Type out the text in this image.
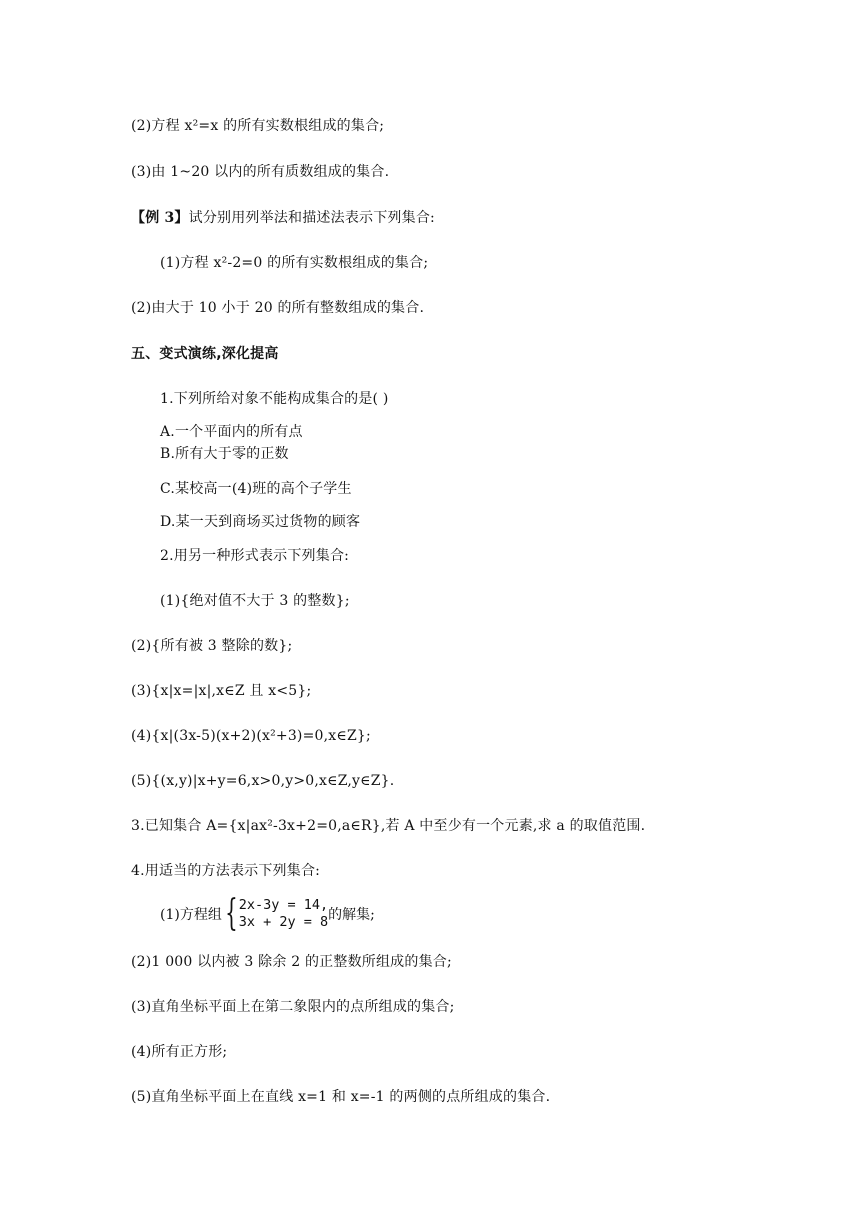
(2)方程 x²=x 的所有实数根组成的集合;
(3)由 1~20 以内的所有质数组成的集合.
【例 3】试分别用列举法和描述法表示下列集合:
(1)方程 x²-2=0 的所有实数根组成的集合;
(2)由大于 10 小于 20 的所有整数组成的集合.
五、变式演练,深化提高
1.下列所给对象不能构成集合的是( )
A.一个平面内的所有点
B.所有大于零的正数
C.某校高一(4)班的高个子学生
D.某一天到商场买过货物的顾客
2.用另一种形式表示下列集合:
(1){绝对值不大于 3 的整数};
(2){所有被 3 整除的数};
(3){x|x=|x|,x∈Z 且 x<5};
(4){x|(3x-5)(x+2)(x²+3)=0,x∈Z};
(5){(x,y)|x+y=6,x>0,y>0,x∈Z,y∈Z}.
3.已知集合 A={x|ax²-3x+2=0,a∈R},若 A 中至少有一个元素,求 a 的取值范围.
4.用适当的方法表示下列集合:
(1)方程组 { 2x-3y = 14,
3x + 2y = 8 的解集;
(2)1 000 以内被 3 除余 2 的正整数所组成的集合;
(3)直角坐标平面上在第二象限内的点所组成的集合;
(4)所有正方形;
(5)直角坐标平面上在直线 x=1 和 x=-1 的两侧的点所组成的集合.
